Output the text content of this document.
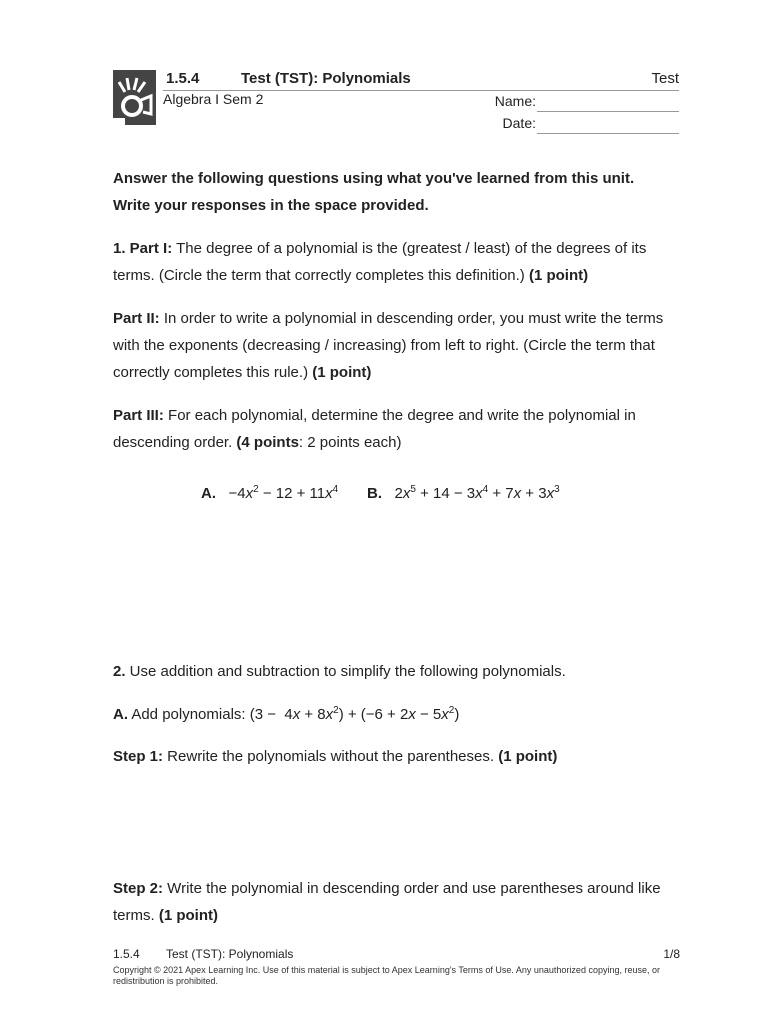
1.5.4	Test (TST): Polynomials	Test
Algebra I Sem 2	Name:
Date:
Answer the following questions using what you've learned from this unit. Write your responses in the space provided.
1. Part I: The degree of a polynomial is the (greatest / least) of the degrees of its terms. (Circle the term that correctly completes this definition.) (1 point)
Part II: In order to write a polynomial in descending order, you must write the terms with the exponents (decreasing / increasing) from left to right. (Circle the term that correctly completes this rule.) (1 point)
Part III: For each polynomial, determine the degree and write the polynomial in descending order. (4 points: 2 points each)
A.   $-4x^2 - 12 + 11x^4$ B.   $2x^5 + 14 - 3x^4 + 7x + 3x^3$
2. Use addition and subtraction to simplify the following polynomials.
A. Add polynomials: $(3 - 4x + 8x^2) + (-6 + 2x - 5x^2)$
Step 1: Rewrite the polynomials without the parentheses. (1 point)
Step 2: Write the polynomial in descending order and use parentheses around like terms. (1 point)
1.5.4 Test (TST): Polynomials	1/8
Copyright © 2021 Apex Learning Inc. Use of this material is subject to Apex Learning's Terms of Use. Any unauthorized copying, reuse, or redistribution is prohibited.
